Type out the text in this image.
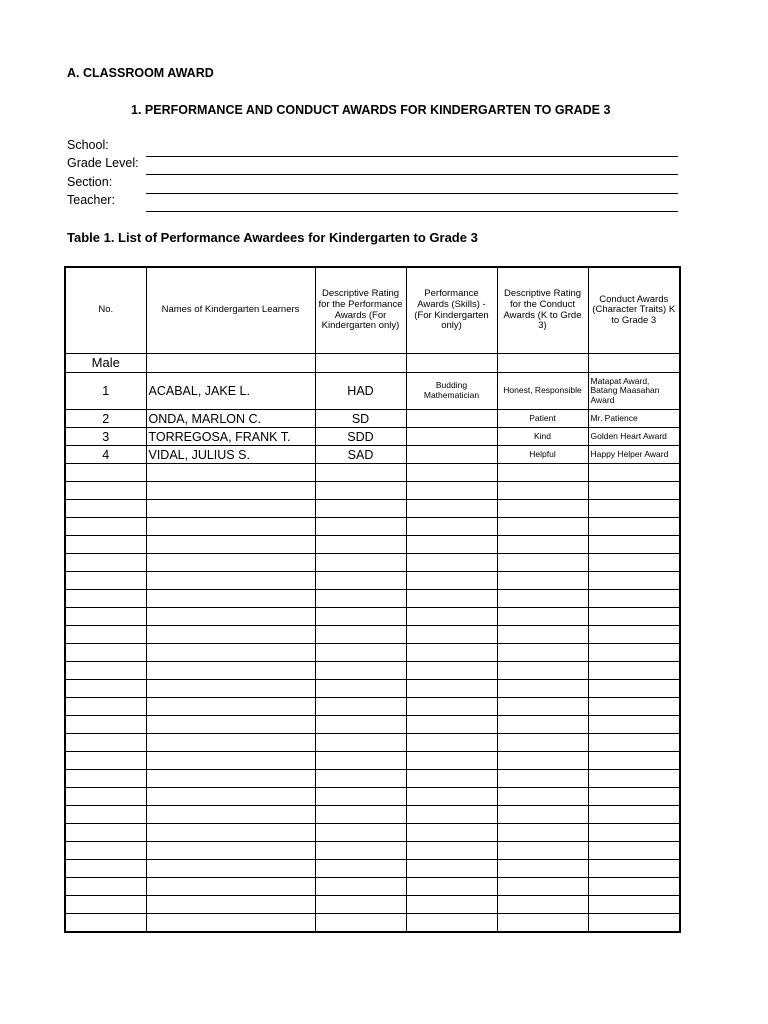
A. CLASSROOM AWARD
1. PERFORMANCE AND CONDUCT AWARDS FOR KINDERGARTEN TO GRADE 3
School:
Grade Level:
Section:
Teacher:
Table 1. List of Performance Awardees for Kindergarten to Grade 3
No.	Names of Kindergarten Learners	Descriptive Rating for the Performance Awards (For Kindergarten only)	Performance Awards (Skills) - (For Kindergarten only)	Descriptive Rating for the Conduct Awards (K to Grde 3)	Conduct Awards (Character Traits) K to Grade 3
Male					
1	ACABAL, JAKE L.	HAD	Budding Mathematician	Honest, Responsible	Matapat Award, Batang Maasahan Award
2	ONDA, MARLON C.	SD		Patient	Mr. Patience
3	TORREGOSA, FRANK T.	SDD		Kind	Golden Heart Award
4	VIDAL, JULIUS S.	SAD		Helpful	Happy Helper Award
